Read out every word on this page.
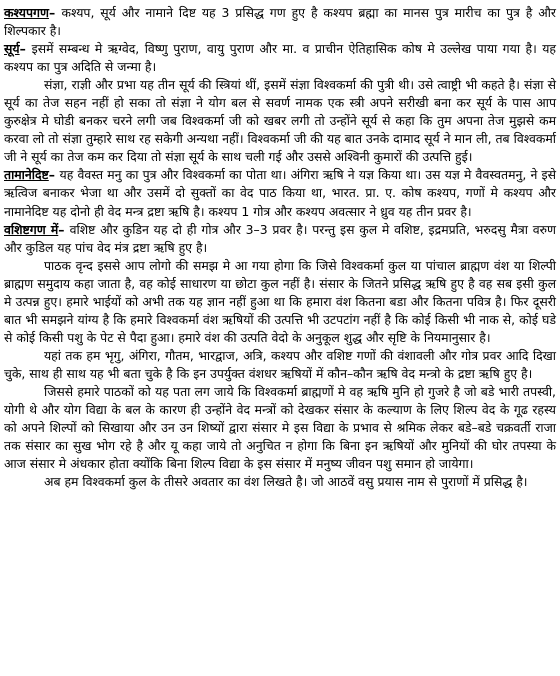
कश्यपगण– कश्यप, सूर्य और नामाने दिष्ट यह 3 प्रसिद्ध गण हुए है कश्यप ब्रह्मा का मानस पुत्र मारीच का पुत्र है और शिल्पकार है।

सूर्य– इसमें सम्बन्ध मे ऋग्वेद, विष्णु पुराण, वायु पुराण और मा. व प्राचीन ऐतिहासिक कोष मे उल्लेख पाया गया है। यह कश्यप का पुत्र अदिति से जन्मा है।

संज्ञा, राज्ञी और प्रभा यह तीन सूर्य की स्त्रियां थीं, इसमें संज्ञा विश्वकर्मा की पुत्री थी। उसे त्वाष्ट्री भी कहते है। संज्ञा से सूर्य का तेज सहन नहीं हो सका तो संज्ञा ने योग बल से सवर्ण नामक एक स्त्री अपने सरीखी बना कर सूर्य के पास आप कुरुक्षेत्र मे घोडी बनकर चरने लगी जब विश्वकर्मा जी को खबर लगी तो उन्होंने सूर्य से कहा कि तुम अपना तेज मुझसे कम करवा लो तो संज्ञा तुम्हारे साथ रह सकेगी अन्यथा नहीं। विश्वकर्मा जी की यह बात उनके दामाद सूर्य ने मान ली, तब विश्वकर्मा जी ने सूर्य का तेज कम कर दिया तो संज्ञा सूर्य के साथ चली गई और उससे अश्विनी कुमारों की उत्पत्ति हुई।

तामानेदिष्ट– यह वैवस्त मनु का पुत्र और विश्वकर्मा का पोता था। अंगिरा ऋषि ने यज्ञ किया था। उस यज्ञ मे वैवस्वतमनु, ने इसे ऋत्विज बनाकर भेजा था और उसमें दो सुक्तों का वेद पाठ किया था, भारत. प्रा. ए. कोष कश्यप, गणों मे कश्यप और नामानेदिष्ट यह दोनो ही वेद मन्त्र द्रष्टा ऋषि है। कश्यप 1 गोत्र और कश्यप अवत्सार ने ध्रुव यह तीन प्रवर है।

वशिष्टगण में– वशिष्ट और कुडिन यह दो ही गोत्र और 3–3 प्रवर है। परन्तु इस कुल मे वशिष्ट, इद्रमप्रति, भरुदसु मैत्रा वरुण और कुडिल यह पांच वेद मंत्र द्रष्टा ऋषि हुए है।

पाठक वृन्द इससे आप लोगो की समझ मे आ गया होगा कि जिसे विश्वकर्मा कुल या पांचाल ब्राह्मण वंश या शिल्पी ब्राह्मण समुदाय कहा जाता है, वह कोई साधारण या छोटा कुल नहीं है। संसार के जितने प्रसिद्ध ऋषि हुए है वह सब इसी कुल मे उत्पन्न हुए। हमारे भाईयों को अभी तक यह ज्ञान नहीं हुआ था कि हमारा वंश कितना बडा और कितना पवित्र है। फिर दूसरी बात भी समझने यांग्य है कि हमारे विश्वकर्मा वंश ऋषियों की उत्पत्ति भी उटपटांग नहीं है कि कोई किसी भी नाक से, कोई घडे से कोई किसी पशु के पेट से पैदा हुआ। हमारे वंश की उत्पति वेदो के अनुकूल शुद्ध और सृष्टि के नियमानुसार है।

यहां तक हम भृगु, अंगिरा, गौतम, भारद्वाज, अत्रि, कश्यप और वशिष्ट गणों की वंशावली और गोत्र प्रवर आदि दिखा चुके, साथ ही साथ यह भी बता चुके है कि इन उपर्युक्त वंशधर ऋषियों में कौन–कौन ऋषि वेद मन्त्रो के द्रष्टा ऋषि हुए है।

जिससे हमारे पाठकों को यह पता लग जाये कि विश्वकर्मा ब्राह्मणों मे वह ऋषि मुनि हो गुजरे है जो बडे भारी तपस्वी, योगी थे और योग विद्या के बल के कारण ही उन्होंने वेद मन्त्रों को देखकर संसार के कल्याण के लिए शिल्प वेद के गूढ रहस्य को अपने शिल्पों को सिखाया और उन उन शिष्यों द्वारा संसार मे इस विद्या के प्रभाव से श्रमिक लेकर बडे–बडे चक्रवर्ती राजा तक संसार का सुख भोग रहे है और यू कहा जाये तो अनुचित न होगा कि बिना इन ऋषियों और मुनियों की घोर तपस्या के आज संसार मे अंधकार होता क्योंकि बिना शिल्प विद्या के इस संसार में मनुष्य जीवन पशु समान हो जायेगा।

अब हम विश्वकर्मा कुल के तीसरे अवतार का वंश लिखते है। जो आठवें वसु प्रयास नाम से पुराणों में प्रसिद्ध है।
